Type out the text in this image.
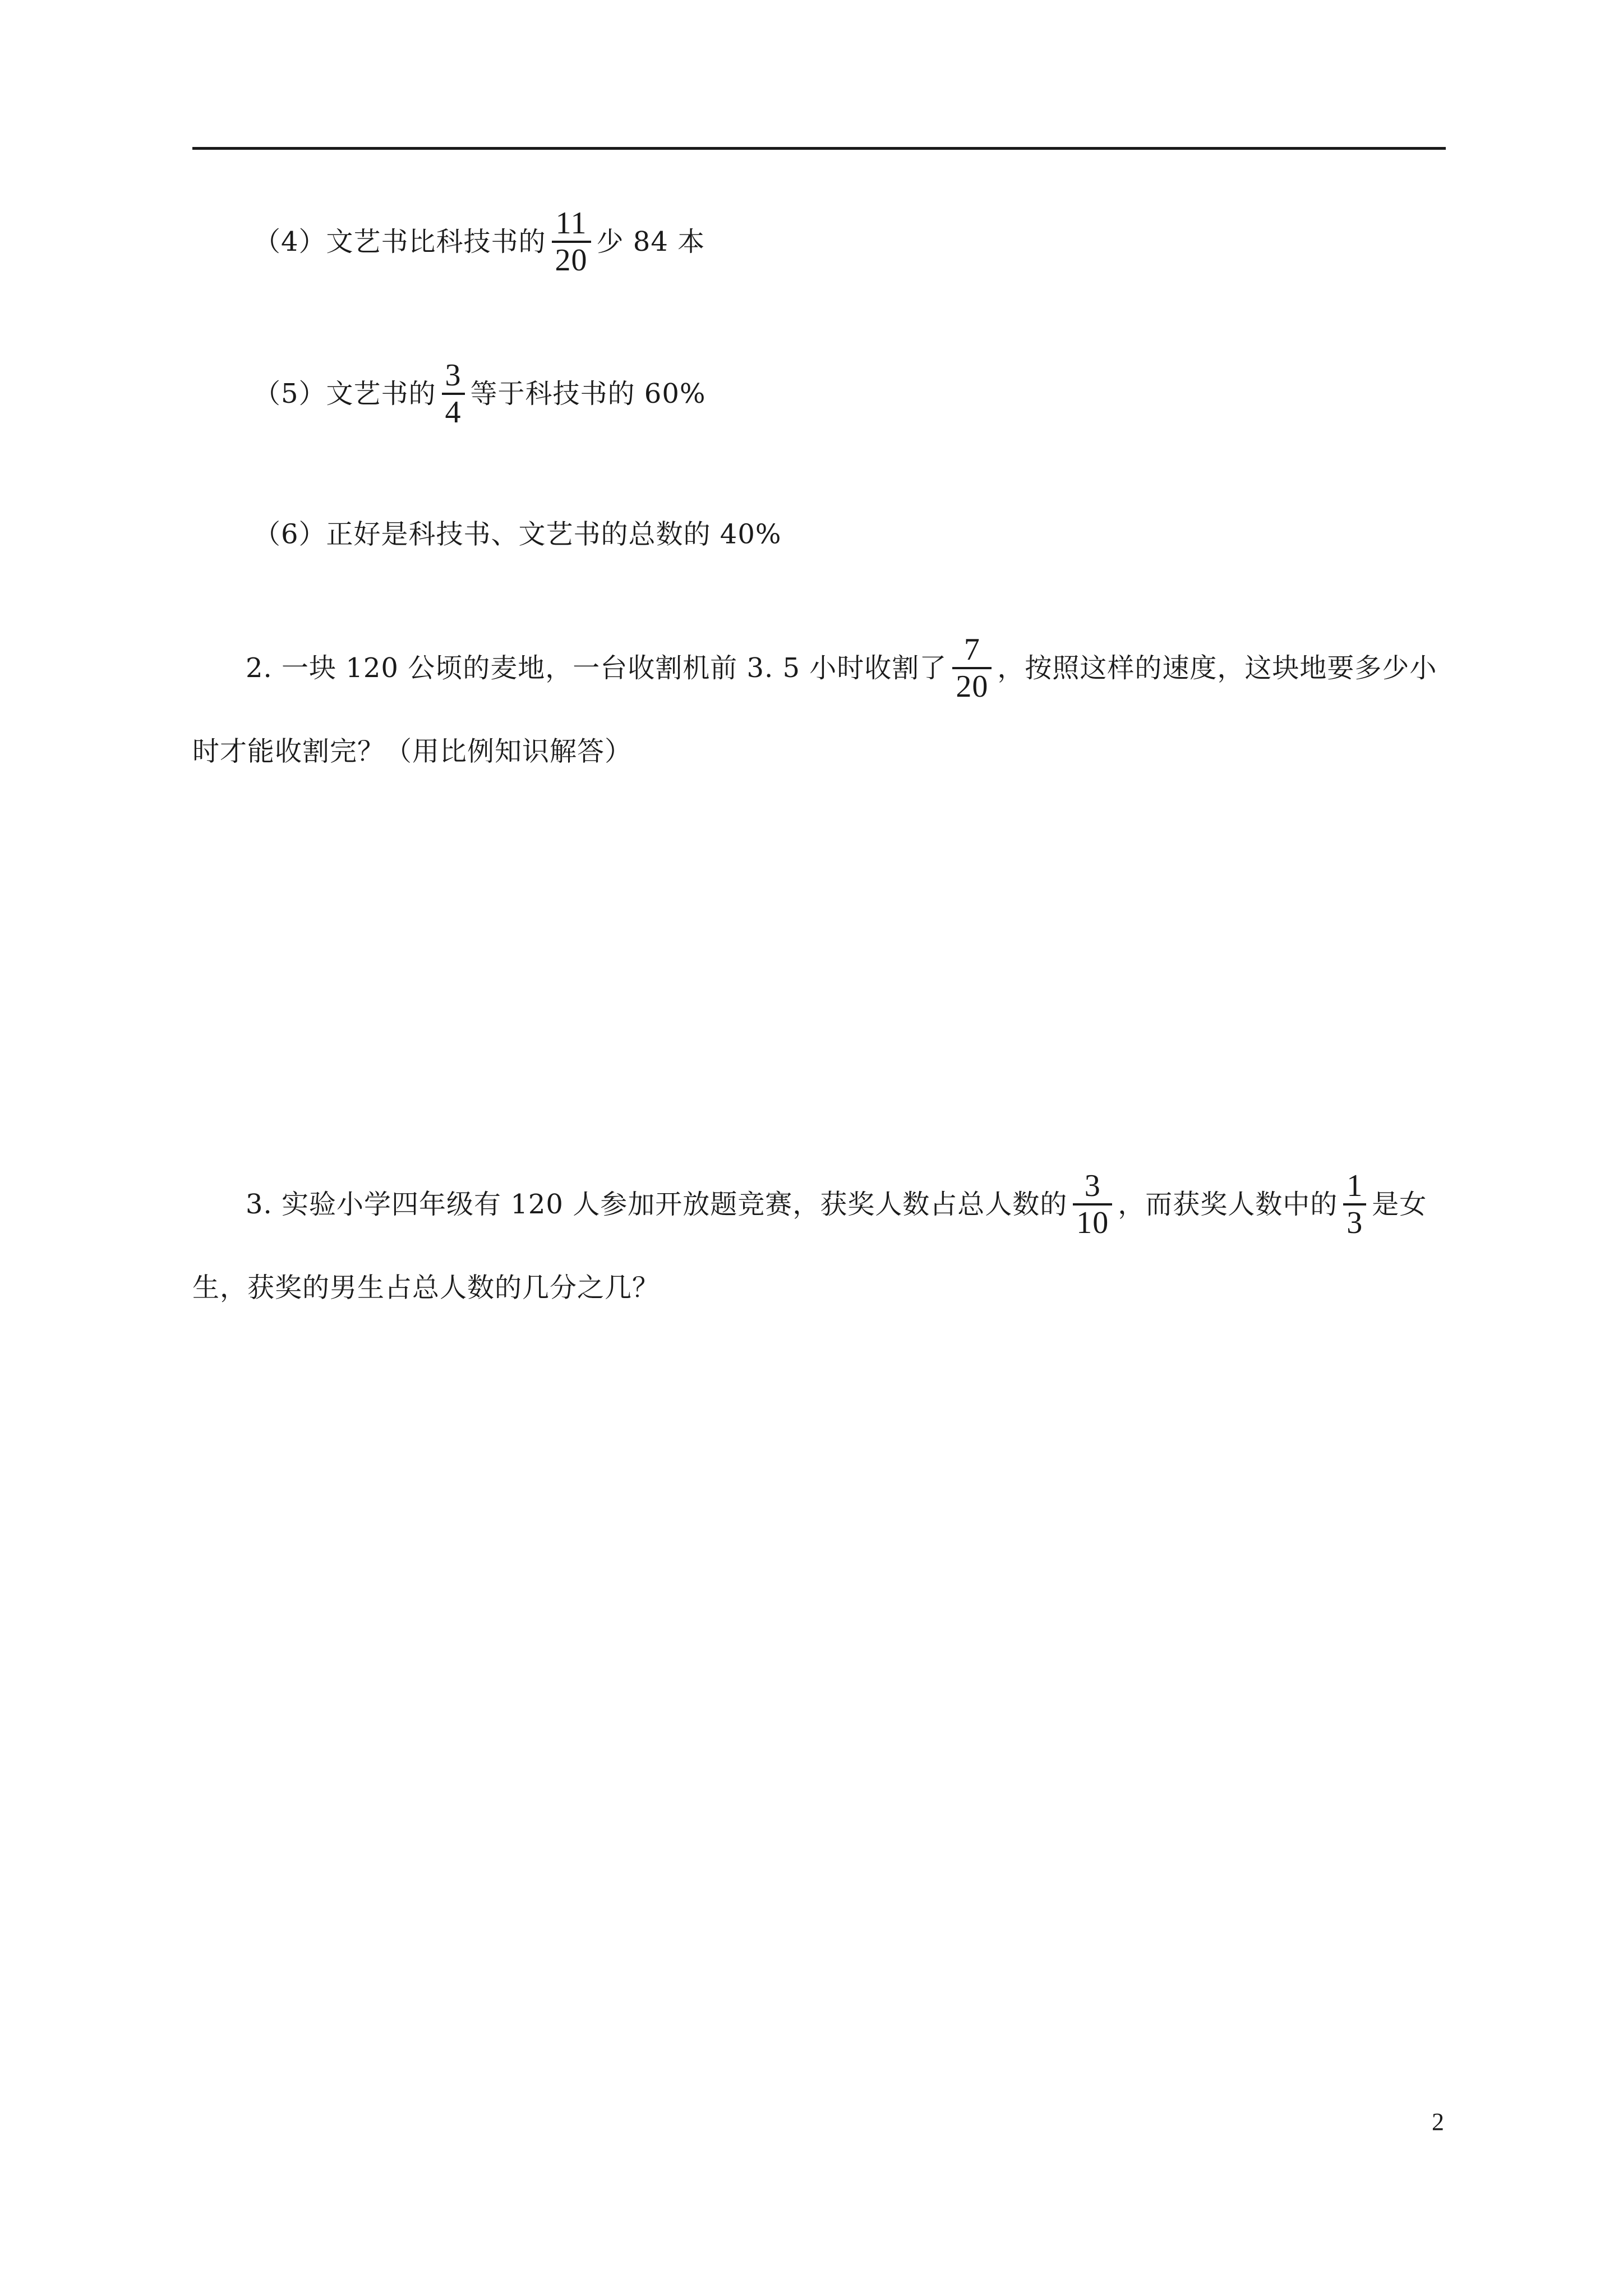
（4）文艺书比科技书的 $\frac{11}{20}$ 少 84 本
（5）文艺书的 $\frac{3}{4}$ 等于科技书的 60%
（6）正好是科技书、文艺书的总数的 40%
2. 一块 120 公顷的麦地，一台收割机前 3. 5 小时收割了 $\frac{7}{20}$ ，按照这样的速度，这块地要多少小
时才能收割完？（用比例知识解答）
3. 实验小学四年级有 120 人参加开放题竞赛，获奖人数占总人数的 $\frac{3}{10}$ ，而获奖人数中的 $\frac{1}{3}$ 是女
生，获奖的男生占总人数的几分之几？
2
